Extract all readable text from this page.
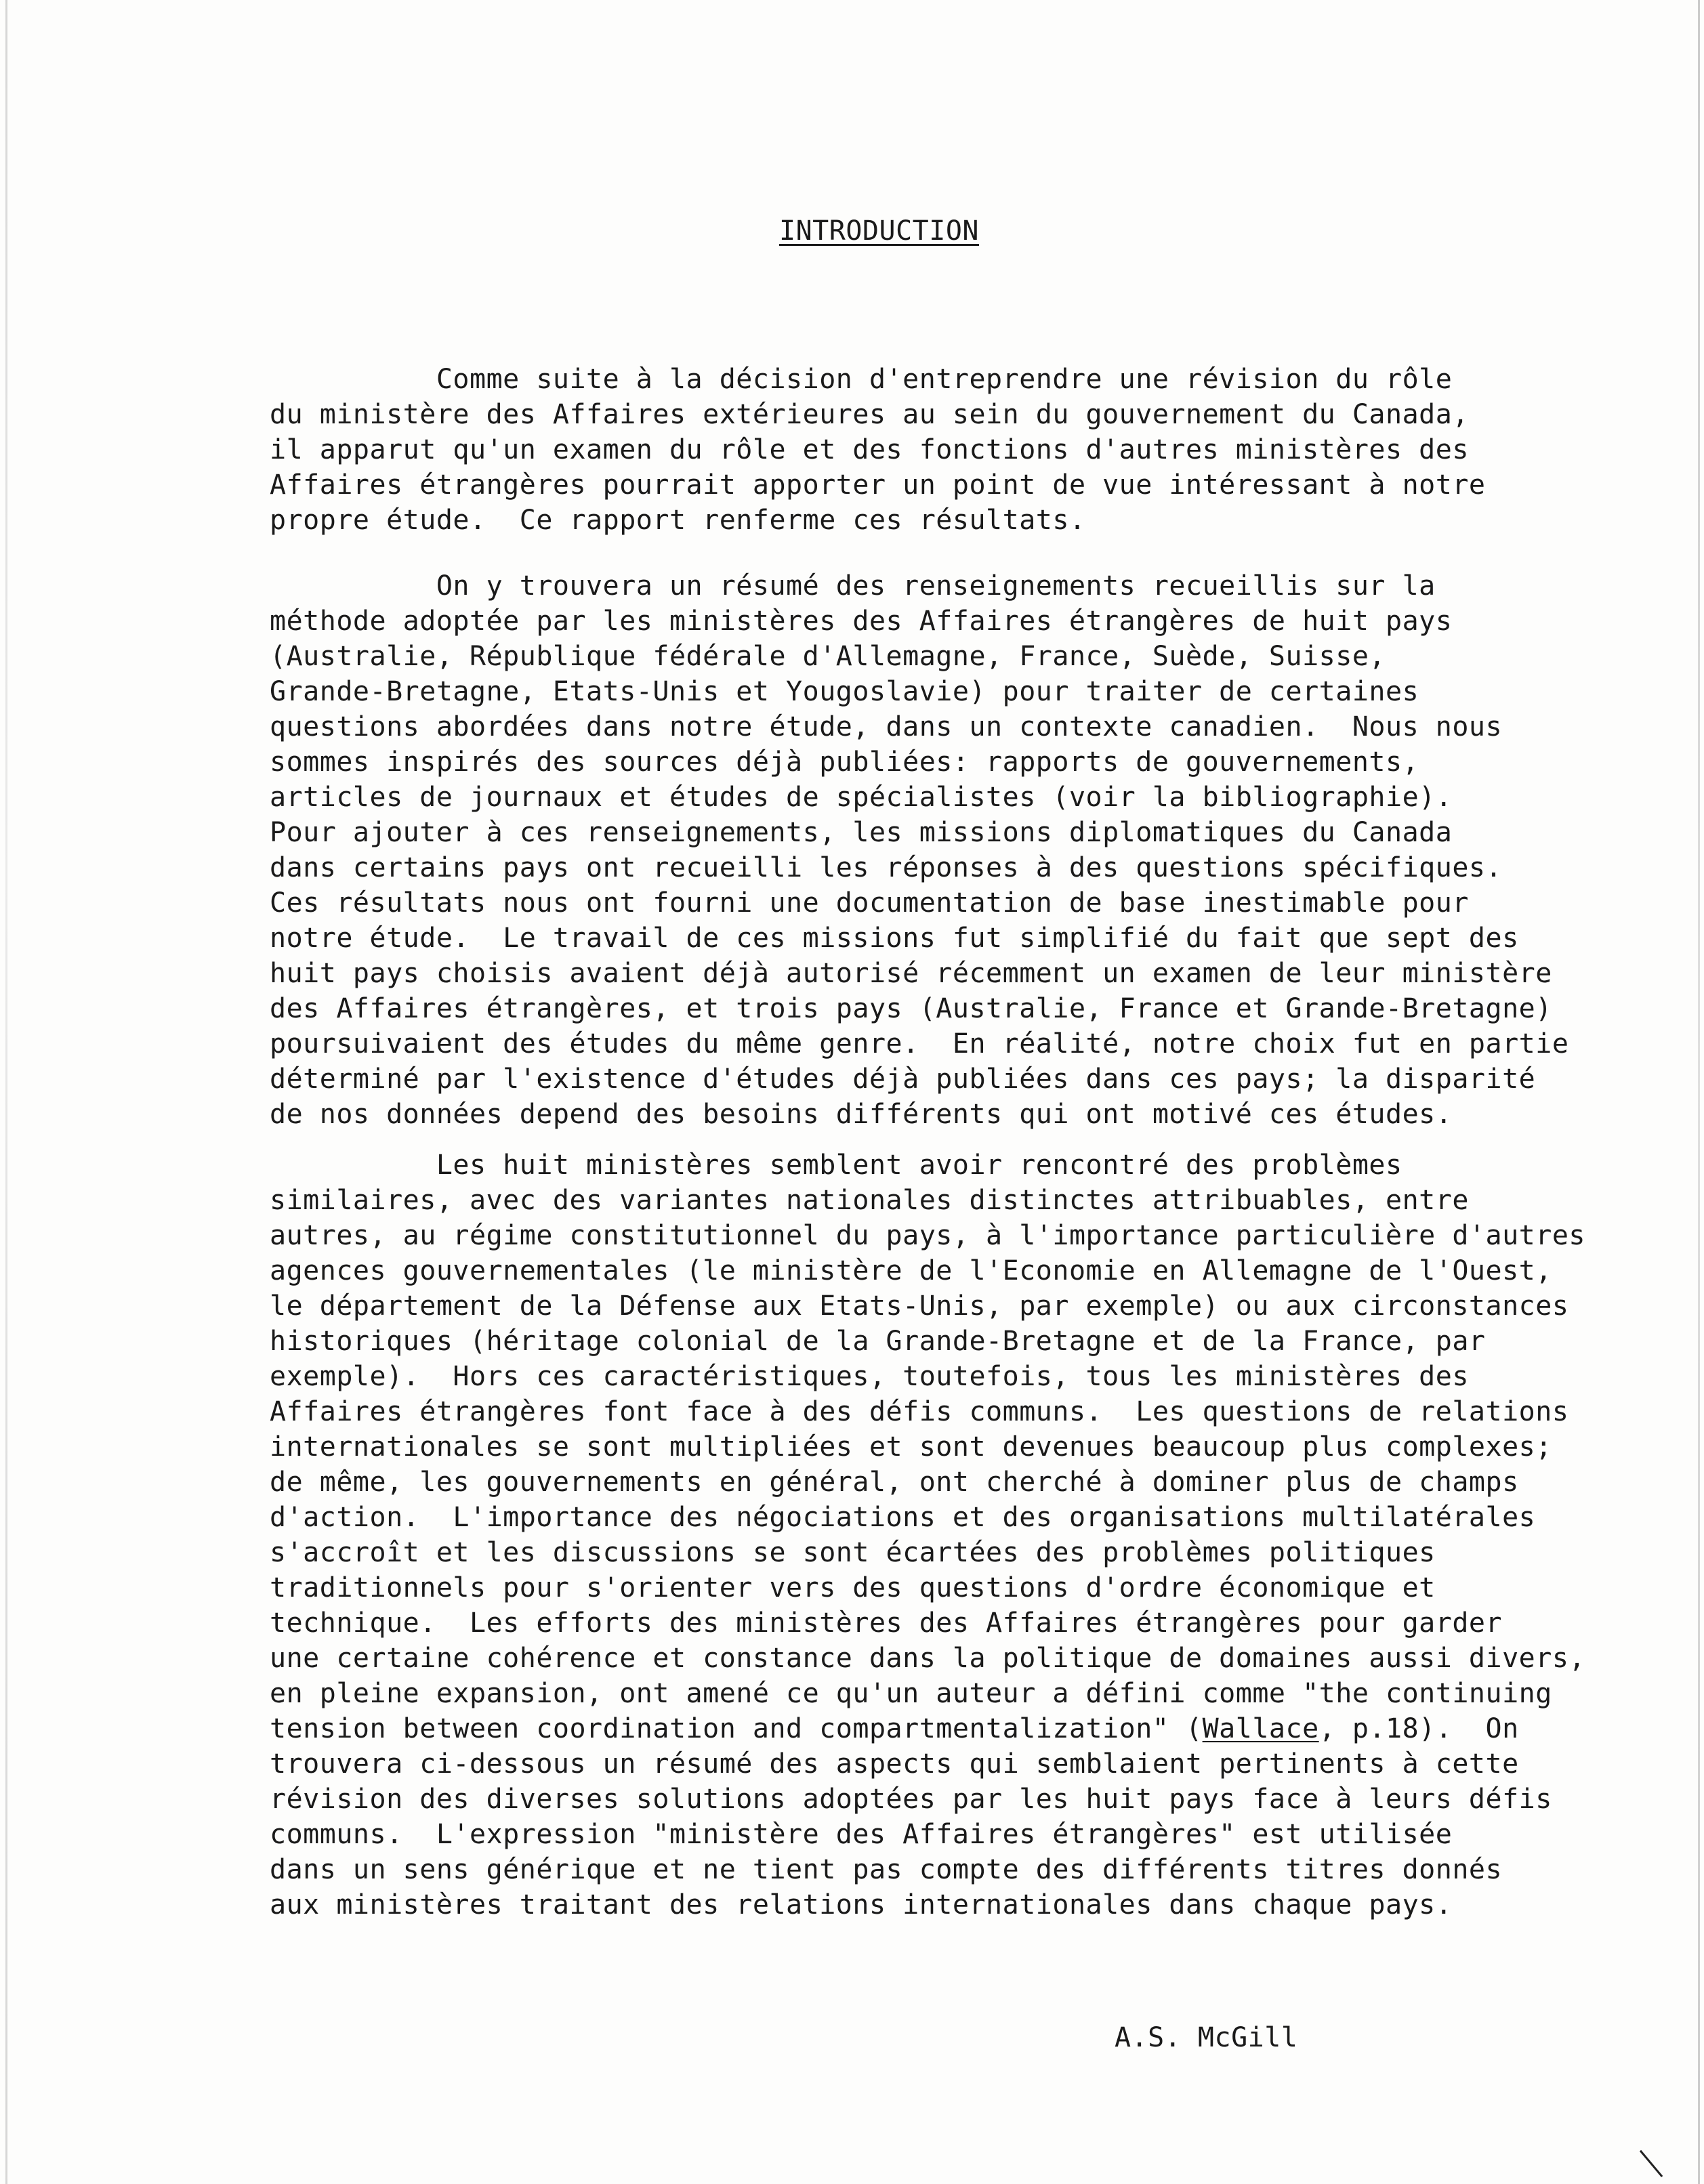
INTRODUCTION
Comme suite à la décision d'entreprendre une révision du rôle
du ministère des Affaires extérieures au sein du gouvernement du Canada,
il apparut qu'un examen du rôle et des fonctions d'autres ministères des
Affaires étrangères pourrait apporter un point de vue intéressant à notre
propre étude.  Ce rapport renferme ces résultats.
On y trouvera un résumé des renseignements recueillis sur la
méthode adoptée par les ministères des Affaires étrangères de huit pays
(Australie, République fédérale d'Allemagne, France, Suède, Suisse,
Grande-Bretagne, Etats-Unis et Yougoslavie) pour traiter de certaines
questions abordées dans notre étude, dans un contexte canadien.  Nous nous
sommes inspirés des sources déjà publiées: rapports de gouvernements,
articles de journaux et études de spécialistes (voir la bibliographie).
Pour ajouter à ces renseignements, les missions diplomatiques du Canada
dans certains pays ont recueilli les réponses à des questions spécifiques.
Ces résultats nous ont fourni une documentation de base inestimable pour
notre étude.  Le travail de ces missions fut simplifié du fait que sept des
huit pays choisis avaient déjà autorisé récemment un examen de leur ministère
des Affaires étrangères, et trois pays (Australie, France et Grande-Bretagne)
poursuivaient des études du même genre.  En réalité, notre choix fut en partie
déterminé par l'existence d'études déjà publiées dans ces pays; la disparité
de nos données depend des besoins différents qui ont motivé ces études.
Les huit ministères semblent avoir rencontré des problèmes
similaires, avec des variantes nationales distinctes attribuables, entre
autres, au régime constitutionnel du pays, à l'importance particulière d'autres
agences gouvernementales (le ministère de l'Economie en Allemagne de l'Ouest,
le département de la Défense aux Etats-Unis, par exemple) ou aux circonstances
historiques (héritage colonial de la Grande-Bretagne et de la France, par
exemple).  Hors ces caractéristiques, toutefois, tous les ministères des
Affaires étrangères font face à des défis communs.  Les questions de relations
internationales se sont multipliées et sont devenues beaucoup plus complexes;
de même, les gouvernements en général, ont cherché à dominer plus de champs
d'action.  L'importance des négociations et des organisations multilatérales
s'accroît et les discussions se sont écartées des problèmes politiques
traditionnels pour s'orienter vers des questions d'ordre économique et
technique.  Les efforts des ministères des Affaires étrangères pour garder
une certaine cohérence et constance dans la politique de domaines aussi divers,
en pleine expansion, ont amené ce qu'un auteur a défini comme "the continuing
tension between coordination and compartmentalization" (Wallace, p.18).  On
trouvera ci-dessous un résumé des aspects qui semblaient pertinents à cette
révision des diverses solutions adoptées par les huit pays face à leurs défis
communs.  L'expression "ministère des Affaires étrangères" est utilisée
dans un sens générique et ne tient pas compte des différents titres donnés
aux ministères traitant des relations internationales dans chaque pays.
A.S. McGill
